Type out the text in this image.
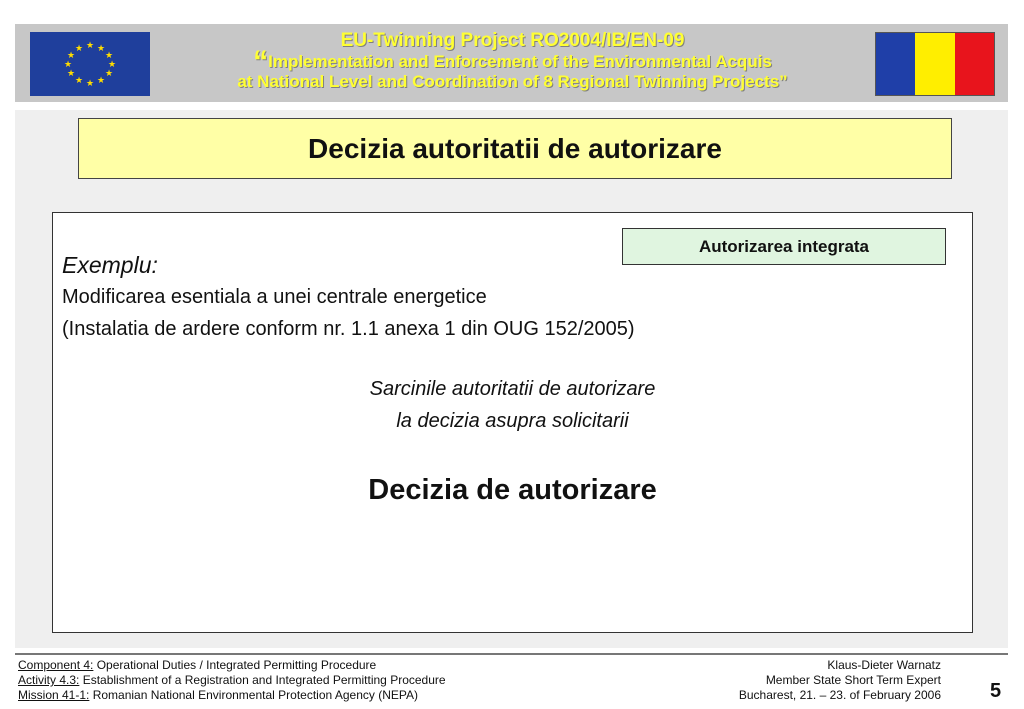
★ ★
★
★
★
★
★
★
★
★
★
★	EU-Twinning Project RO2004/IB/EN-09
“Implementation and Enforcement of the Environmental Acquis
at National Level and Coordination of 8 Regional Twinning Projects”
Decizia autoritatii de autorizare
Autorizarea integrata
Exemplu:
Modificarea esentiala a unei centrale energetice
(Instalatia de ardere conform nr. 1.1 anexa 1 din OUG 152/2005)
Sarcinile autoritatii de autorizare
la decizia asupra solicitarii
Decizia de autorizare
Component 4: Operational Duties / Integrated Permitting Procedure
Activity 4.3: Establishment of a Registration and Integrated Permitting Procedure
Mission 41-1: Romanian National Environmental Protection Agency (NEPA)
Klaus-Dieter Warnatz
Member State Short Term Expert
Bucharest, 21. – 23. of February 2006 5
